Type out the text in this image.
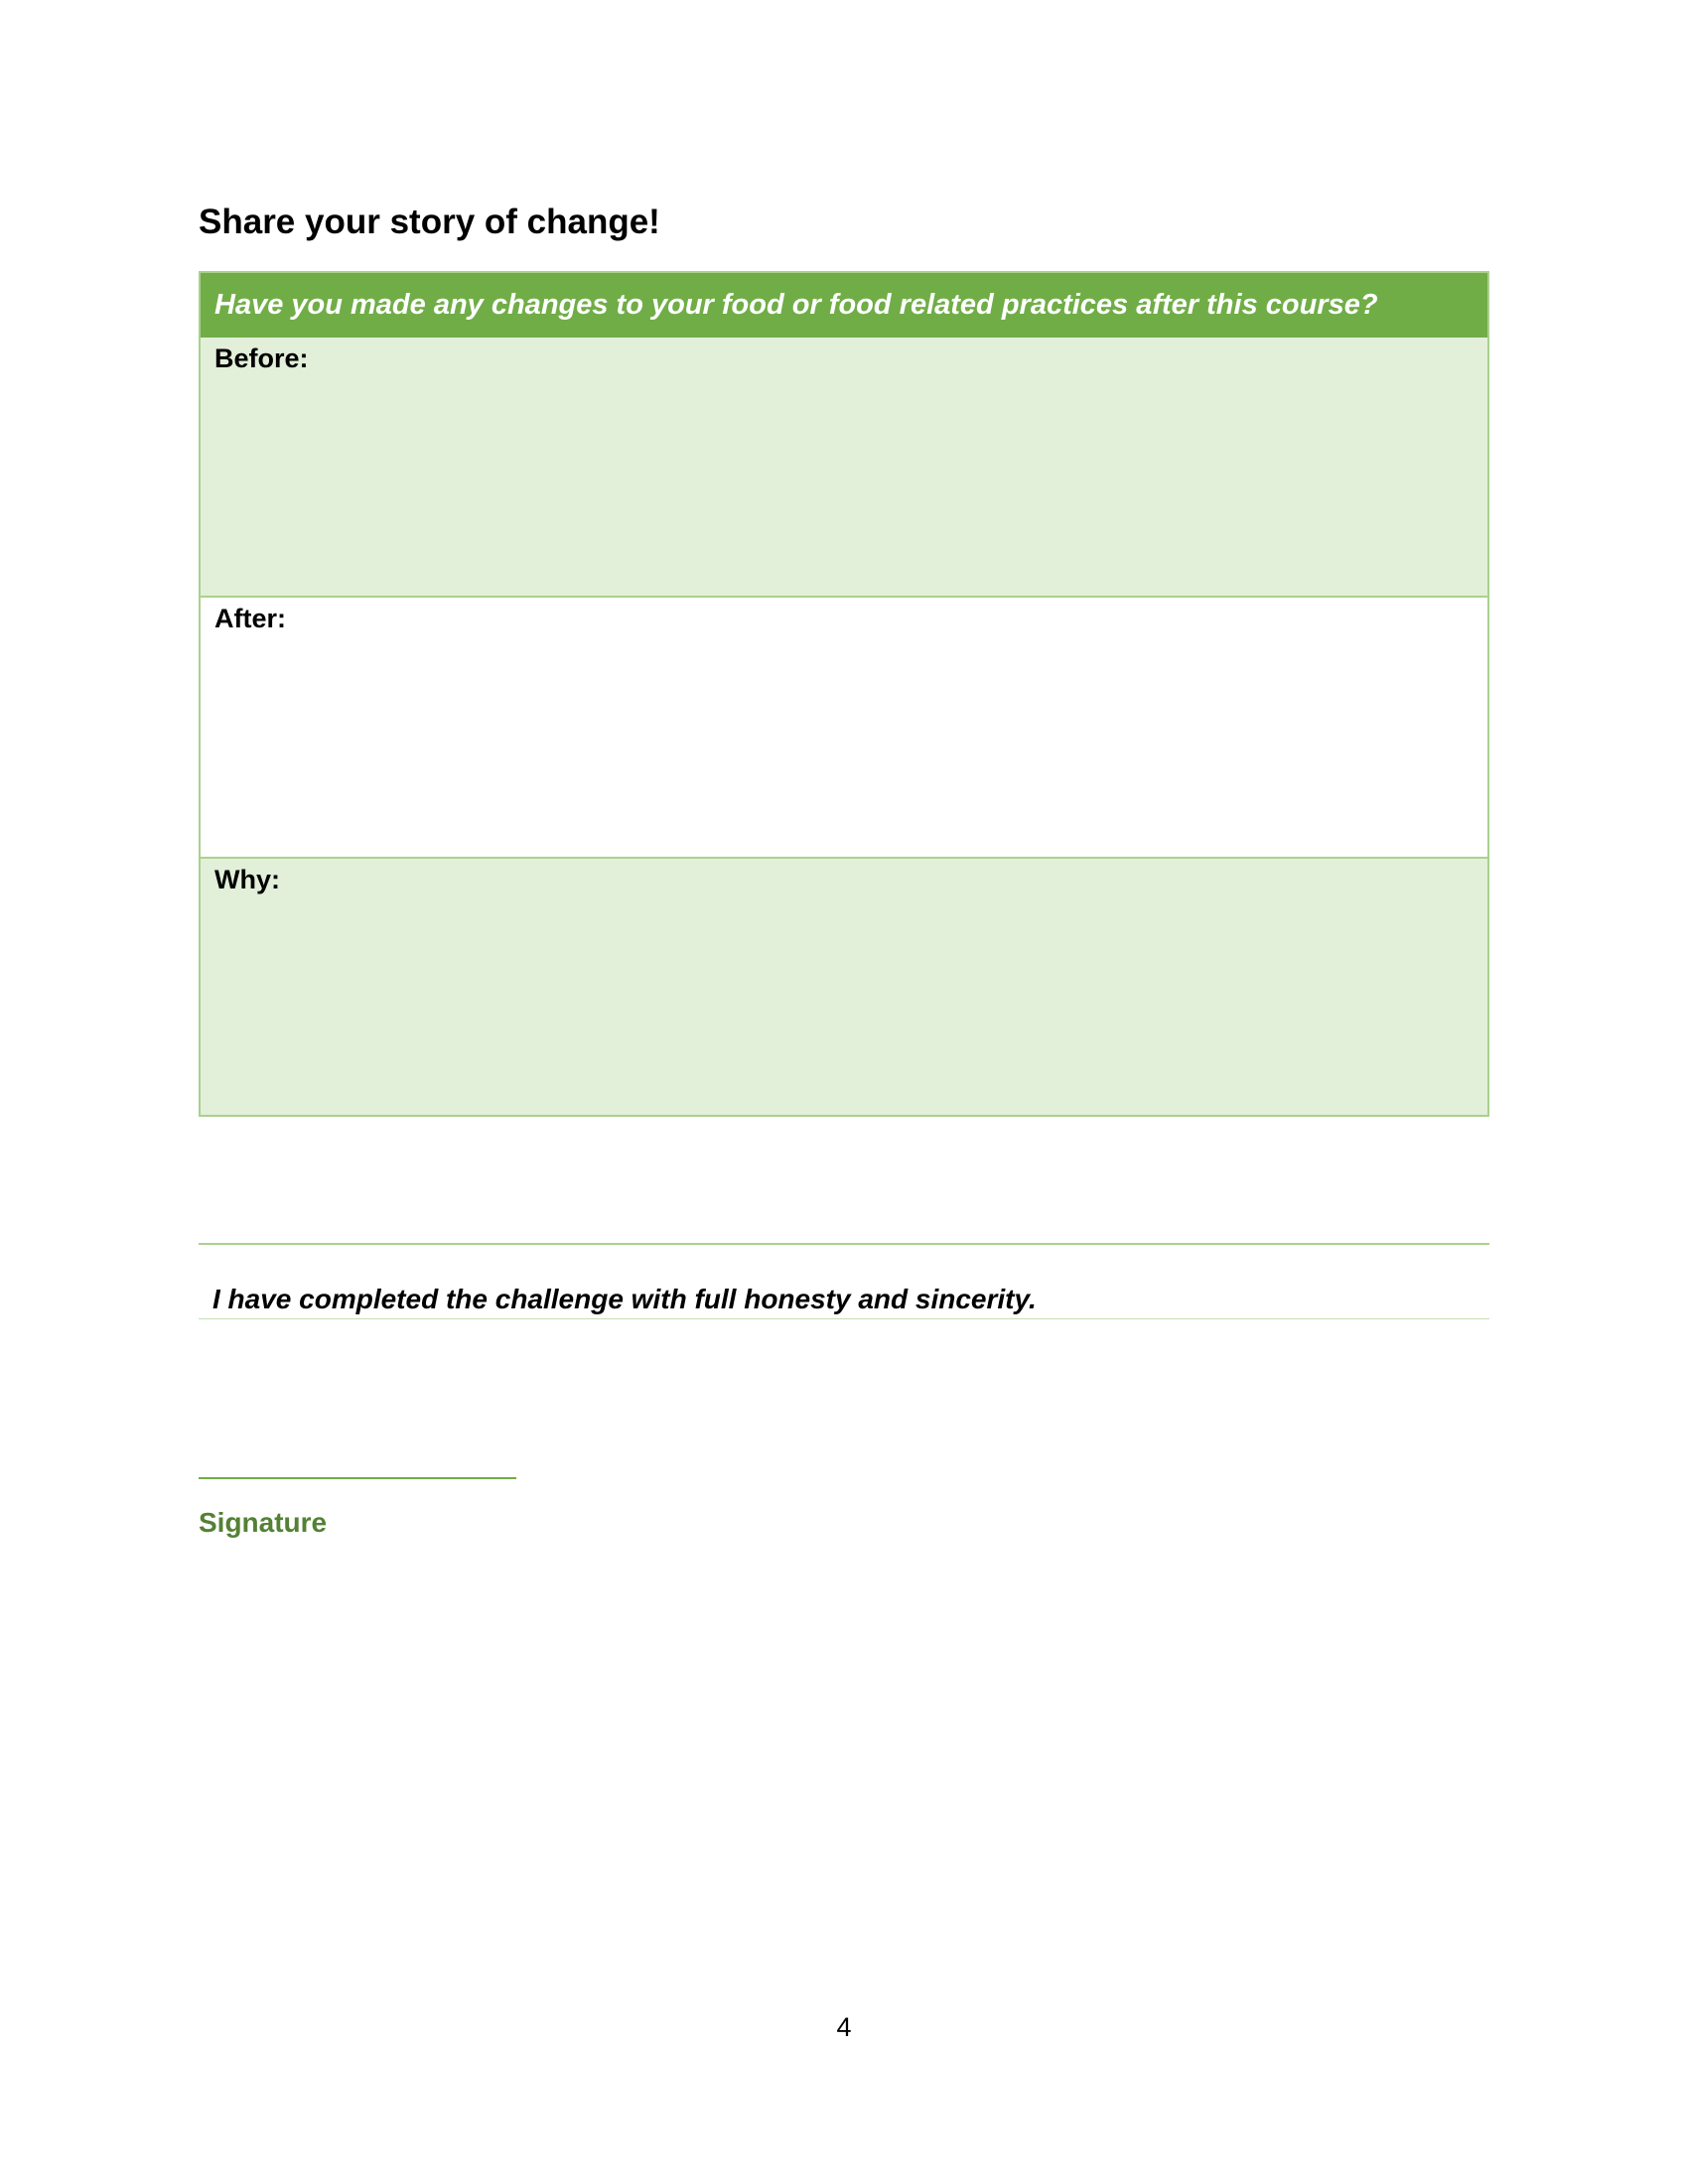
Share your story of change!
Have you made any changes to your food or food related practices after this course?
Before:
After:
Why:

I have completed the challenge with full honesty and sincerity.

Signature

4
